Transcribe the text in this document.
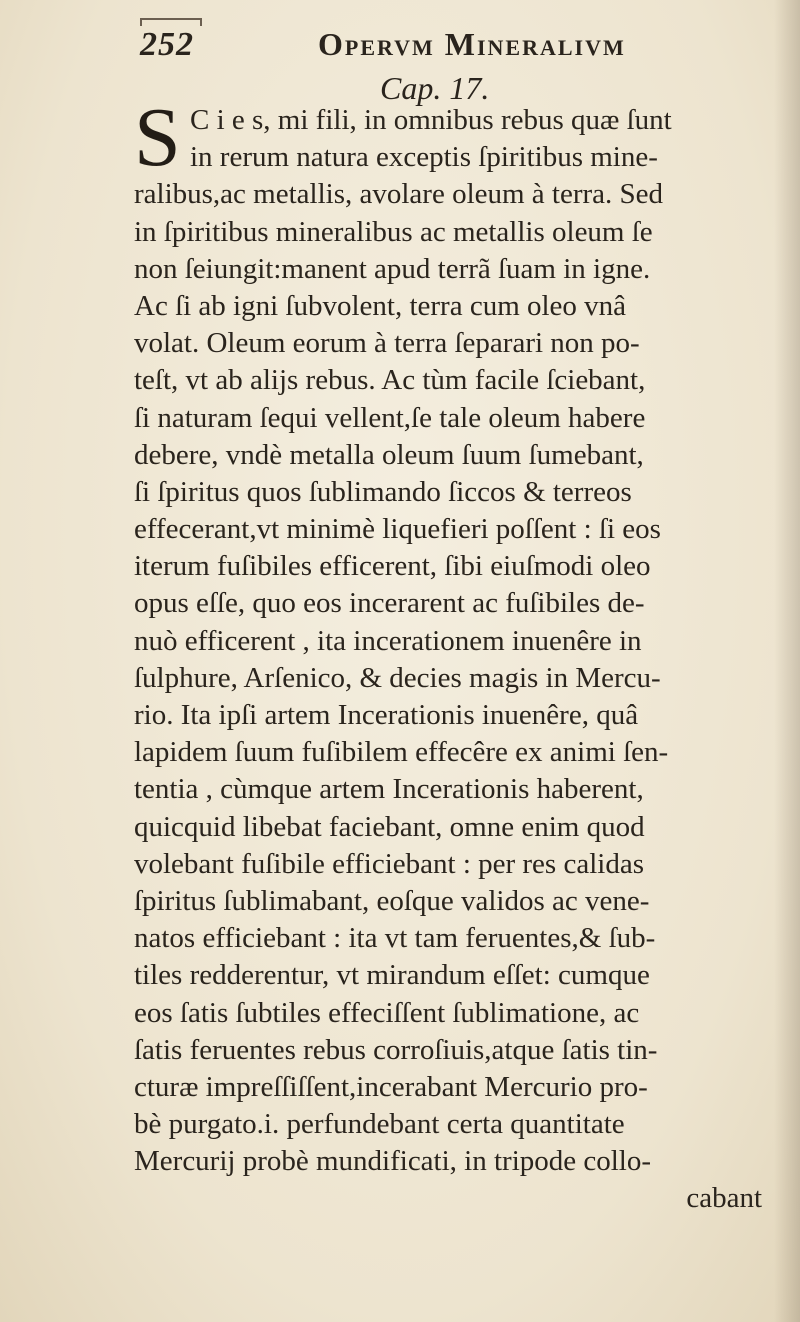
252	Opervm Mineralivm
Cap. 17.
S C i e s, mi fili, in omnibus rebus quæ ſunt
in rerum natura exceptis ſpiritibus mine-
ralibus,ac metallis, avolare oleum à terra. Sed
in ſpiritibus mineralibus ac metallis oleum ſe
non ſeiungit:manent apud terrã ſuam in igne.
Ac ſi ab igni ſubvolent, terra cum oleo vnâ
volat. Oleum eorum à terra ſeparari non po-
teſt, vt ab alijs rebus. Ac tùm facile ſciebant,
ſi naturam ſequi vellent,ſe tale oleum habere
debere, vndè metalla oleum ſuum ſumebant,
ſi ſpiritus quos ſublimando ſiccos & terreos
effecerant,vt minimè liquefieri poſſent : ſi eos
iterum fuſibiles efficerent, ſibi eiuſmodi oleo
opus eſſe, quo eos incerarent ac fuſibiles de-
nuò efficerent , ita incerationem inuenêre in
ſulphure, Arſenico, & decies magis in Mercu-
rio. Ita ipſi artem Incerationis inuenêre, quâ
lapidem ſuum fuſibilem effecêre ex animi ſen-
tentia , cùmque artem Incerationis haberent,
quicquid libebat faciebant, omne enim quod
volebant fuſibile efficiebant : per res calidas
ſpiritus ſublimabant, eoſque validos ac vene-
natos efficiebant : ita vt tam feruentes,& ſub-
tiles redderentur, vt mirandum eſſet: cumque
eos ſatis ſubtiles effeciſſent ſublimatione, ac
ſatis feruentes rebus corroſiuis,atque ſatis tin-
cturæ impreſſiſſent,incerabant Mercurio pro-
bè purgato.i. perfundebant certa quantitate
Mercurij probè mundificati, in tripode collo-
cabant
